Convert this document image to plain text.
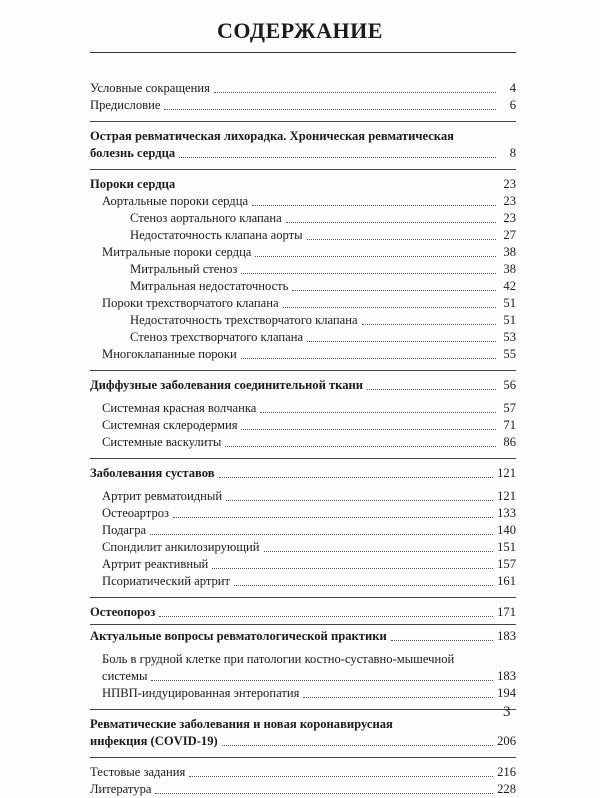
СОДЕРЖАНИЕ
Условные сокращения	4
Предисловие	6
Острая ревматическая лихорадка. Хроническая ревматическая
болезнь сердца	8
Пороки сердца	23
Аортальные пороки сердца	23
Стеноз аортального клапана	23
Недостаточность клапана аорты	27
Митральные пороки сердца	38
Митральный стеноз	38
Митральная недостаточность	42
Пороки трехстворчатого клапана	51
Недостаточность трехстворчатого клапана	51
Стеноз трехстворчатого клапана	53
Многоклапанные пороки	55
Диффузные заболевания соединительной ткани	56
Системная красная волчанка	57
Системная склеродермия	71
Системные васкулиты	86
Заболевания суставов	121
Артрит ревматоидный	121
Остеоартроз	133
Подагра	140
Спондилит анкилозирующий	151
Артрит реактивный	157
Псориатический артрит	161
Остеопороз	171
Актуальные вопросы ревматологической практики	183
Боль в грудной клетке при патологии костно-суставно-мышечной
системы	183
НПВП-индуцированная энтеропатия	194
Ревматические заболевания и новая коронавирусная
инфекция (COVID-19)	206
Тестовые задания	216
Литература	228
3
